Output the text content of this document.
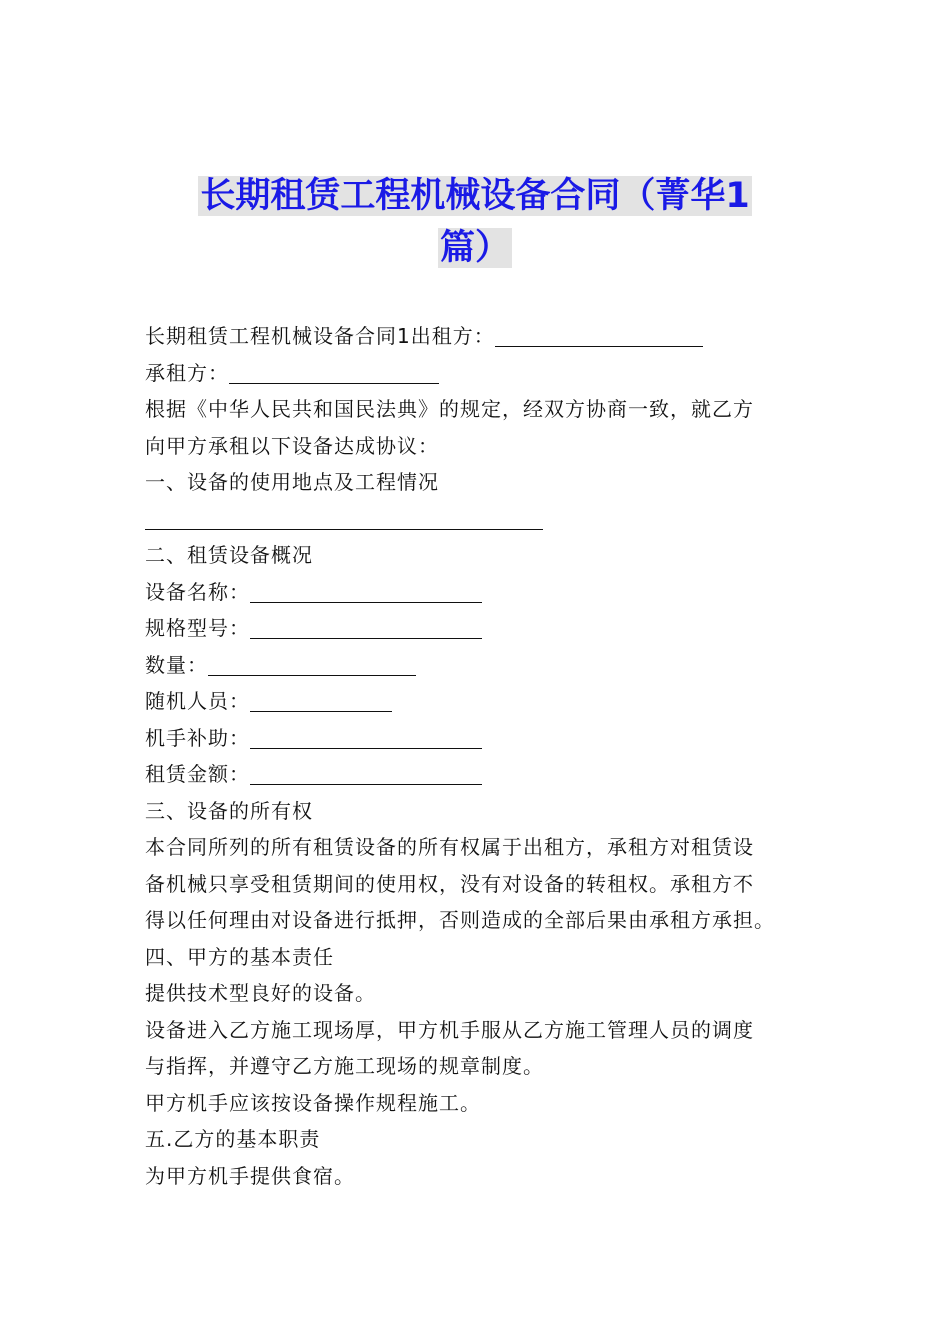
长期租赁工程机械设备合同（菁华1
篇）
长期租赁工程机械设备合同1出租方：
承租方：
根据《中华人民共和国民法典》的规定，经双方协商一致，就乙方
向甲方承租以下设备达成协议：
一、设备的使用地点及工程情况
二、租赁设备概况
设备名称：
规格型号：
数量：
随机人员：
机手补助：
租赁金额：
三、设备的所有权
本合同所列的所有租赁设备的所有权属于出租方，承租方对租赁设
备机械只享受租赁期间的使用权，没有对设备的转租权。承租方不
得以任何理由对设备进行抵押，否则造成的全部后果由承租方承担。
四、甲方的基本责任
提供技术型良好的设备。
设备进入乙方施工现场厚，甲方机手服从乙方施工管理人员的调度
与指挥，并遵守乙方施工现场的规章制度。
甲方机手应该按设备操作规程施工。
五.乙方的基本职责
为甲方机手提供食宿。
